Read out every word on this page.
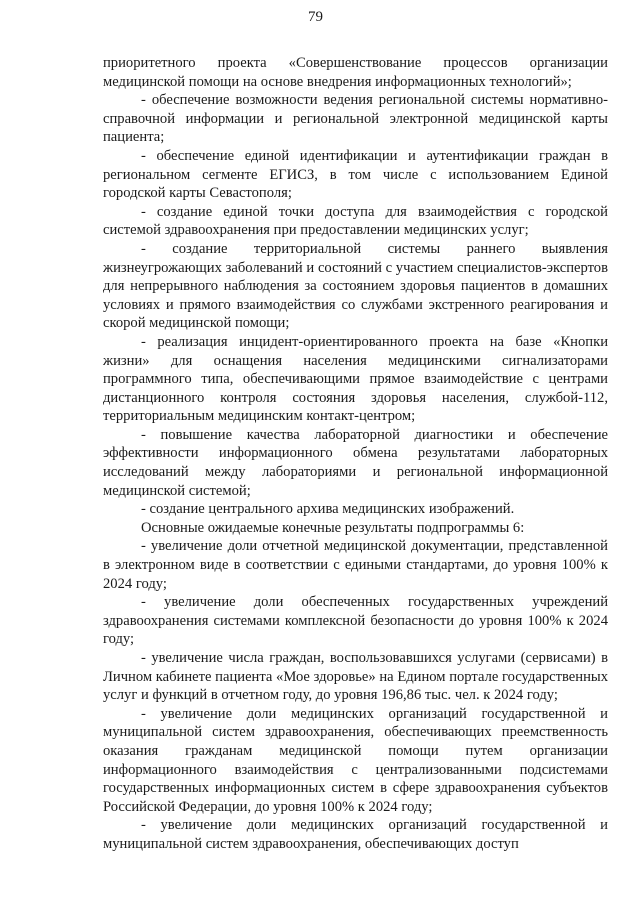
79

приоритетного проекта «Совершенствование процессов организации медицинской помощи на основе внедрения информационных технологий»;

- обеспечение возможности ведения региональной системы нормативно-справочной информации и региональной электронной медицинской карты пациента;

- обеспечение единой идентификации и аутентификации граждан в региональном сегменте ЕГИСЗ, в том числе с использованием Единой городской карты Севастополя;

- создание единой точки доступа для взаимодействия с городской системой здравоохранения при предоставлении медицинских услуг;

- создание территориальной системы раннего выявления жизнеугрожающих заболеваний и состояний с участием специалистов-экспертов для непрерывного наблюдения за состоянием здоровья пациентов в домашних условиях и прямого взаимодействия со службами экстренного реагирования и скорой медицинской помощи;

- реализация инцидент-ориентированного проекта на базе «Кнопки жизни» для оснащения населения медицинскими сигнализаторами программного типа, обеспечивающими прямое взаимодействие с центрами дистанционного контроля состояния здоровья населения, службой-112, территориальным медицинским контакт-центром;

- повышение качества лабораторной диагностики и обеспечение эффективности информационного обмена результатами лабораторных исследований между лабораториями и региональной информационной медицинской системой;

- создание центрального архива медицинских изображений.

Основные ожидаемые конечные результаты подпрограммы 6:

- увеличение доли отчетной медицинской документации, представленной в электронном виде в соответствии с едиными стандартами, до уровня 100% к 2024 году;

- увеличение доли обеспеченных государственных учреждений здравоохранения системами комплексной безопасности до уровня 100% к 2024 году;

- увеличение числа граждан, воспользовавшихся услугами (сервисами) в Личном кабинете пациента «Мое здоровье» на Едином портале государственных услуг и функций в отчетном году, до уровня 196,86 тыс. чел. к 2024 году;

- увеличение доли медицинских организаций государственной и муниципальной систем здравоохранения, обеспечивающих преемственность оказания гражданам медицинской помощи путем организации информационного взаимодействия с централизованными подсистемами государственных информационных систем в сфере здравоохранения субъектов Российской Федерации, до уровня 100% к 2024 году;

- увеличение доли медицинских организаций государственной и муниципальной систем здравоохранения, обеспечивающих доступ
